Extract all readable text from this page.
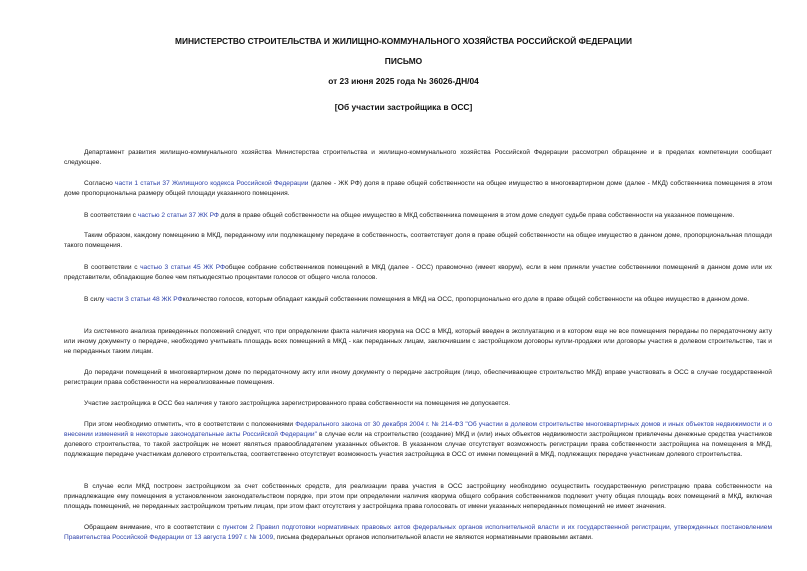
МИНИСТЕРСТВО СТРОИТЕЛЬСТВА И ЖИЛИЩНО-КОММУНАЛЬНОГО ХОЗЯЙСТВА РОССИЙСКОЙ ФЕДЕРАЦИИ
ПИСЬМО
от 23 июня 2025 года № 36026-ДН/04
[Об участии застройщика в ОСС]

Департамент развития жилищно-коммунального хозяйства Министерства строительства и жилищно-коммунального хозяйства Российской Федерации рассмотрел обращение и в пределах компетенции сообщает следующее.

Согласно части 1 статьи 37 Жилищного кодекса Российской Федерации (далее - ЖК РФ) доля в праве общей собственности на общее имущество в многоквартирном доме (далее - МКД) собственника помещения в этом доме пропорциональна размеру общей площади указанного помещения.

В соответствии с частью 2 статьи 37 ЖК РФ доля в праве общей собственности на общее имущество в МКД собственника помещения в этом доме следует судьбе права собственности на указанное помещение.

Таким образом, каждому помещению в МКД, переданному или подлежащему передаче в собственность, соответствует доля в праве общей собственности на общее имущество в данном доме, пропорциональная площади такого помещения.

В соответствии с частью 3 статьи 45 ЖК РФобщее собрание собственников помещений в МКД (далее - ОСС) правомочно (имеет кворум), если в нем приняли участие собственники помещений в данном доме или их представители, обладающие более чем пятьюдесятью процентами голосов от общего числа голосов.

В силу части 3 статьи 48 ЖК РФколичество голосов, которым обладает каждый собственник помещения в МКД на ОСС, пропорционально его доле в праве общей собственности на общее имущество в данном доме.

Из системного анализа приведенных положений следует, что при определении факта наличия кворума на ОСС в МКД, который введен в эксплуатацию и в котором еще не все помещения переданы по передаточному акту или иному документу о передаче, необходимо учитывать площадь всех помещений в МКД - как переданных лицам, заключившим с застройщиком договоры купли-продажи или договоры участия в долевом строительстве, так и не переданных таким лицам.

До передачи помещений в многоквартирном доме по передаточному акту или иному документу о передаче застройщик (лицо, обеспечивающее строительство МКД) вправе участвовать в ОСС в случае государственной регистрации права собственности на нереализованные помещения.

Участие застройщика в ОСС без наличия у такого застройщика зарегистрированного права собственности на помещения не допускается.

При этом необходимо отметить, что в соответствии с положениями Федерального закона от 30 декабря 2004 г. № 214-ФЗ "Об участии в долевом строительстве многоквартирных домов и иных объектов недвижимости и о внесении изменений в некоторые законодательные акты Российской Федерации" в случае если на строительство (создание) МКД и (или) иных объектов недвижимости застройщиком привлечены денежные средства участников долевого строительства, то такой застройщик не может являться правообладателем указанных объектов. В указанном случае отсутствует возможность регистрации права собственности застройщика на помещения в МКД, подлежащие передаче участникам долевого строительства, соответственно отсутствует возможность участия застройщика в ОСС от имени помещений в МКД, подлежащих передаче участникам долевого строительства.

В случае если МКД построен застройщиком за счет собственных средств, для реализации права участия в ОСС застройщику необходимо осуществить государственную регистрацию права собственности на принадлежащие ему помещения в установленном законодательством порядке, при этом при определении наличия кворума общего собрания собственников подлежит учету общая площадь всех помещений в МКД, включая площадь помещений, не переданных застройщиком третьим лицам, при этом факт отсутствия у застройщика права голосовать от имени указанных непереданных помещений не имеет значения.

Обращаем внимание, что в соответствии с пунктом 2 Правил подготовки нормативных правовых актов федеральных органов исполнительной власти и их государственной регистрации, утвержденных постановлением Правительства Российской Федерации от 13 августа 1997 г. № 1009, письма федеральных органов исполнительной власти не являются нормативными правовыми актами.
